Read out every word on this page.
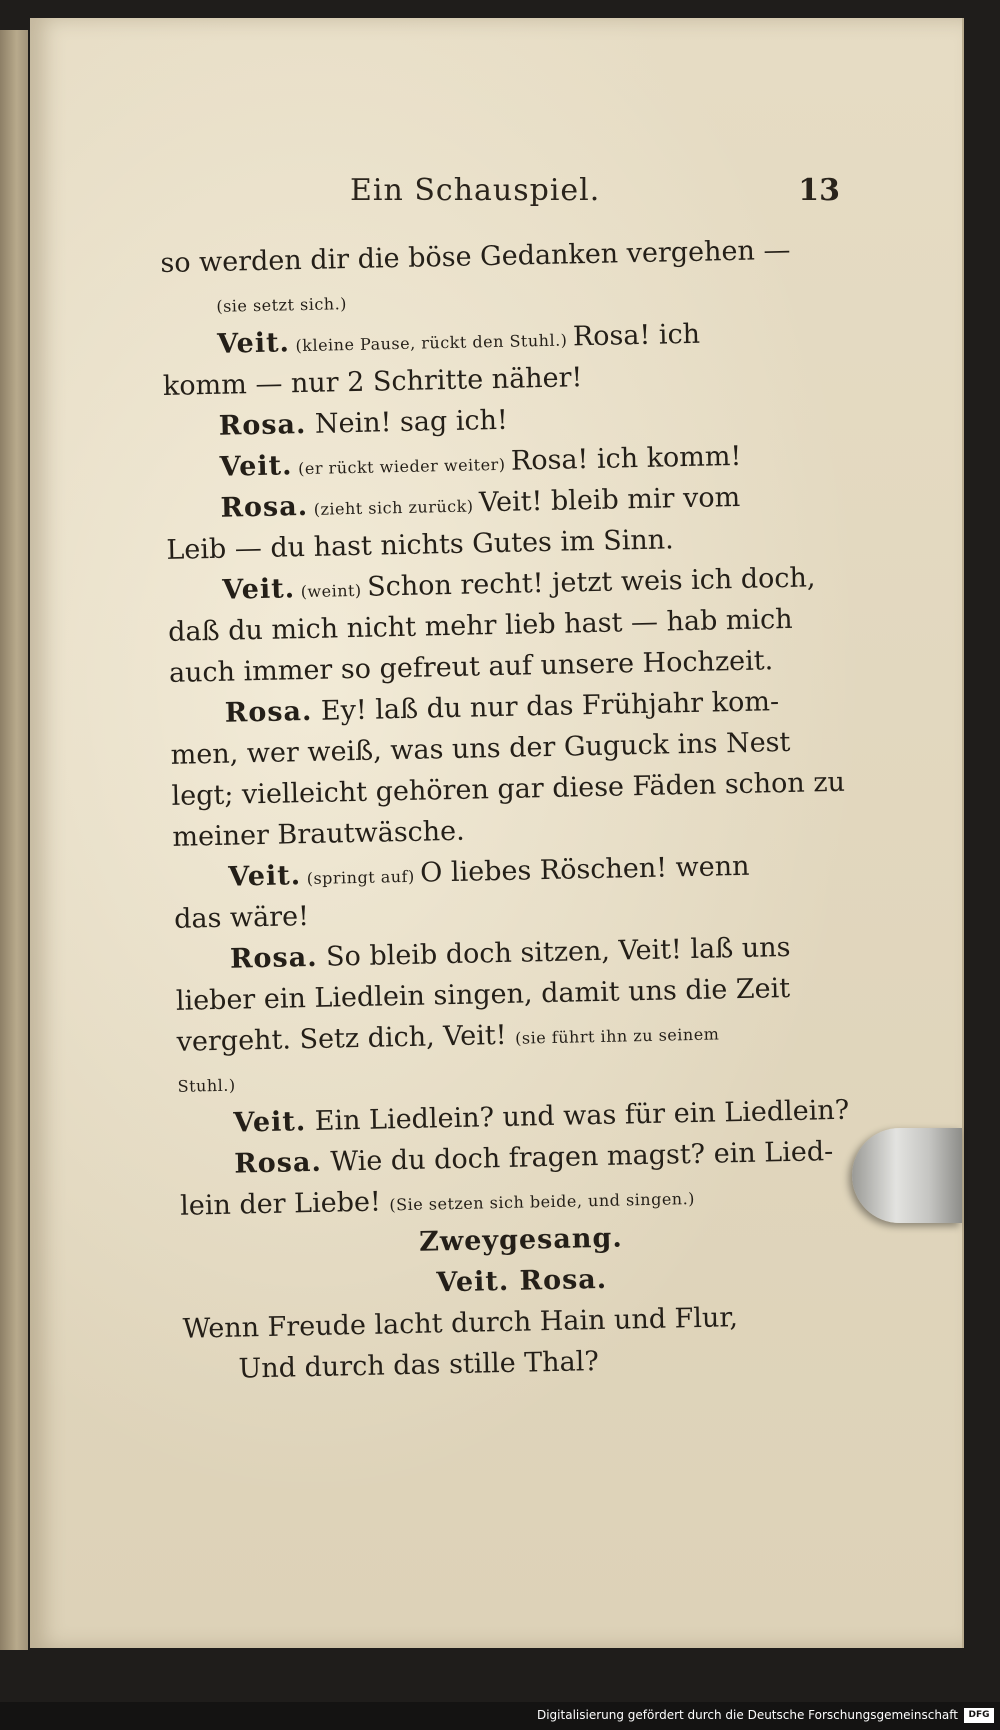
Ein Schauspiel.	13
so werden dir die böse Gedanken vergehen —
(sie setzt sich.)
Veit. (kleine Pause, rückt den Stuhl.) Rosa! ich
komm — nur 2 Schritte näher!
Rosa. Nein! sag ich!
Veit. (er rückt wieder weiter) Rosa! ich komm!
Rosa. (zieht sich zurück) Veit! bleib mir vom
Leib — du hast nichts Gutes im Sinn.
Veit. (weint) Schon recht! jetzt weis ich doch,
daß du mich nicht mehr lieb hast — hab mich
auch immer so gefreut auf unsere Hochzeit.
Rosa. Ey! laß du nur das Frühjahr kom-
men, wer weiß, was uns der Guguck ins Nest
legt; vielleicht gehören gar diese Fäden schon zu
meiner Brautwäsche.
Veit. (springt auf) O liebes Röschen! wenn
das wäre!
Rosa. So bleib doch sitzen, Veit! laß uns
lieber ein Liedlein singen, damit uns die Zeit
vergeht. Setz dich, Veit! (sie führt ihn zu seinem
Stuhl.)
Veit. Ein Liedlein? und was für ein Liedlein?
Rosa. Wie du doch fragen magst? ein Lied-
lein der Liebe! (Sie setzen sich beide, und singen.)
Zweygesang.
Veit. Rosa.
Wenn Freude lacht durch Hain und Flur,
Und durch das stille Thal?
Digitalisierung gefördert durch die Deutsche Forschungsgemeinschaft	DFG
